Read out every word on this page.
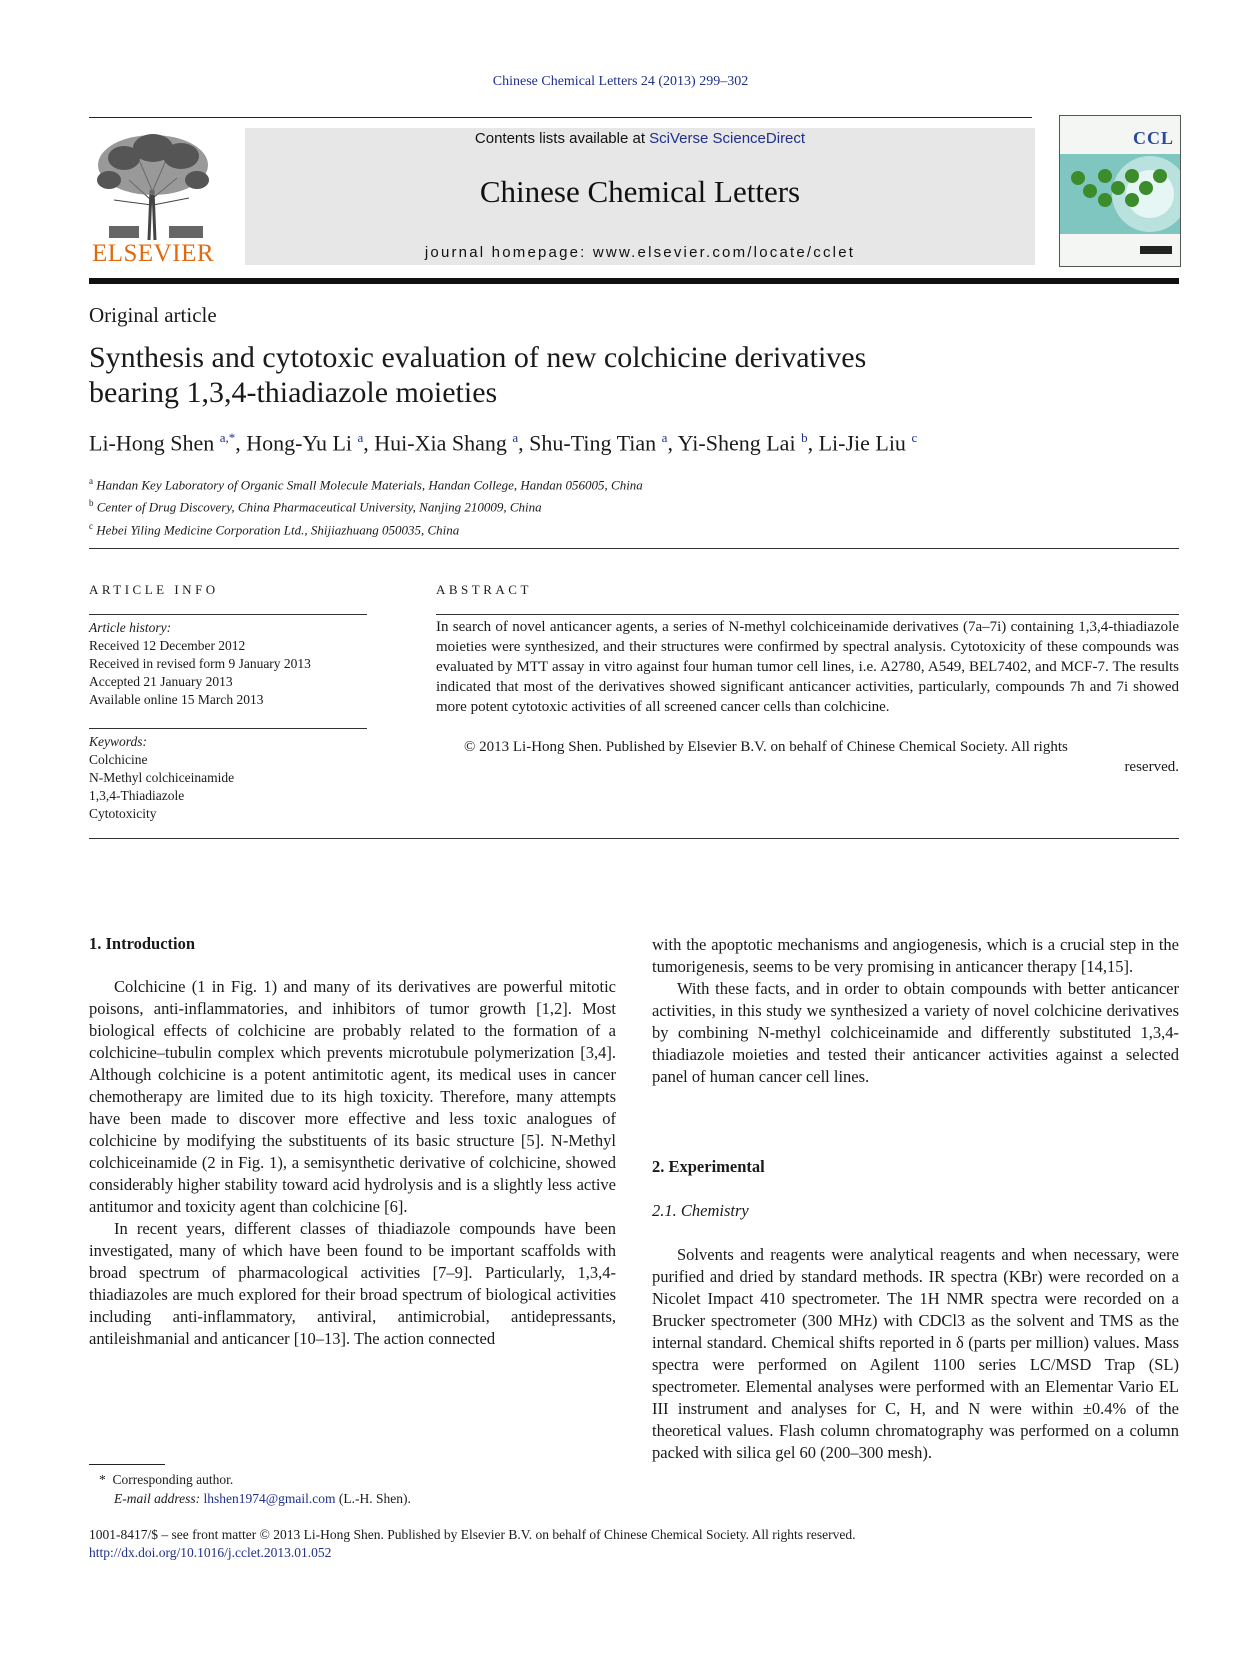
Chinese Chemical Letters 24 (2013) 299–302
ELSEVIER
Contents lists available at SciVerse ScienceDirect
Chinese Chemical Letters
journal homepage: www.elsevier.com/locate/cclet
CCL
Original article
Synthesis and cytotoxic evaluation of new colchicine derivatives
bearing 1,3,4-thiadiazole moieties
Li-Hong Shen $^{a,*}$, Hong-Yu Li $^a$, Hui-Xia Shang $^a$, Shu-Ting Tian $^a$, Yi-Sheng Lai $^b$, Li-Jie Liu $^c$
$^a$ Handan Key Laboratory of Organic Small Molecule Materials, Handan College, Handan 056005, China
$^b$ Center of Drug Discovery, China Pharmaceutical University, Nanjing 210009, China
$^c$ Hebei Yiling Medicine Corporation Ltd., Shijiazhuang 050035, China
ARTICLE INFO
Article history:
Received 12 December 2012
Received in revised form 9 January 2013
Accepted 21 January 2013
Available online 15 March 2013
Keywords:
Colchicine
N-Methyl colchiceinamide
1,3,4-Thiadiazole
Cytotoxicity
ABSTRACT
In search of novel anticancer agents, a series of N-methyl colchiceinamide derivatives (7a–7i) containing 1,3,4-thiadiazole moieties were synthesized, and their structures were confirmed by spectral analysis. Cytotoxicity of these compounds was evaluated by MTT assay in vitro against four human tumor cell lines, i.e. A2780, A549, BEL7402, and MCF-7. The results indicated that most of the derivatives showed significant anticancer activities, particularly, compounds 7h and 7i showed more potent cytotoxic activities of all screened cancer cells than colchicine.
© 2013 Li-Hong Shen. Published by Elsevier B.V. on behalf of Chinese Chemical Society. All rights
reserved.
1. Introduction

Colchicine (1 in Fig. 1) and many of its derivatives are powerful mitotic poisons, anti-inflammatories, and inhibitors of tumor growth [1,2]. Most biological effects of colchicine are probably related to the formation of a colchicine–tubulin complex which prevents microtubule polymerization [3,4]. Although colchicine is a potent antimitotic agent, its medical uses in cancer chemotherapy are limited due to its high toxicity. Therefore, many attempts have been made to discover more effective and less toxic analogues of colchicine by modifying the substituents of its basic structure [5]. N-Methyl colchiceinamide (2 in Fig. 1), a semisynthetic derivative of colchicine, showed considerably higher stability toward acid hydrolysis and is a slightly less active antitumor and toxicity agent than colchicine [6].

In recent years, different classes of thiadiazole compounds have been investigated, many of which have been found to be important scaffolds with broad spectrum of pharmacological activities [7–9]. Particularly, 1,3,4-thiadiazoles are much explored for their broad spectrum of biological activities including anti-inflammatory, antiviral, antimicrobial, antidepressants, antileishmanial and anticancer [10–13]. The action connected

*  Corresponding author.
E-mail address: lhshen1974@gmail.com (L.-H. Shen).

with the apoptotic mechanisms and angiogenesis, which is a crucial step in the tumorigenesis, seems to be very promising in anticancer therapy [14,15].

With these facts, and in order to obtain compounds with better anticancer activities, in this study we synthesized a variety of novel colchicine derivatives by combining N-methyl colchiceinamide and differently substituted 1,3,4-thiadiazole moieties and tested their anticancer activities against a selected panel of human cancer cell lines.

2. Experimental
2.1. Chemistry

Solvents and reagents were analytical reagents and when necessary, were purified and dried by standard methods. IR spectra (KBr) were recorded on a Nicolet Impact 410 spectrometer. The 1H NMR spectra were recorded on a Brucker spectrometer (300 MHz) with CDCl3 as the solvent and TMS as the internal standard. Chemical shifts reported in δ (parts per million) values. Mass spectra were performed on Agilent 1100 series LC/MSD Trap (SL) spectrometer. Elemental analyses were performed with an Elementar Vario EL III instrument and analyses for C, H, and N were within ±0.4% of the theoretical values. Flash column chromatography was performed on a column packed with silica gel 60 (200–300 mesh).

1001-8417/$ – see front matter © 2013 Li-Hong Shen. Published by Elsevier B.V. on behalf of Chinese Chemical Society. All rights reserved.
http://dx.doi.org/10.1016/j.cclet.2013.01.052
